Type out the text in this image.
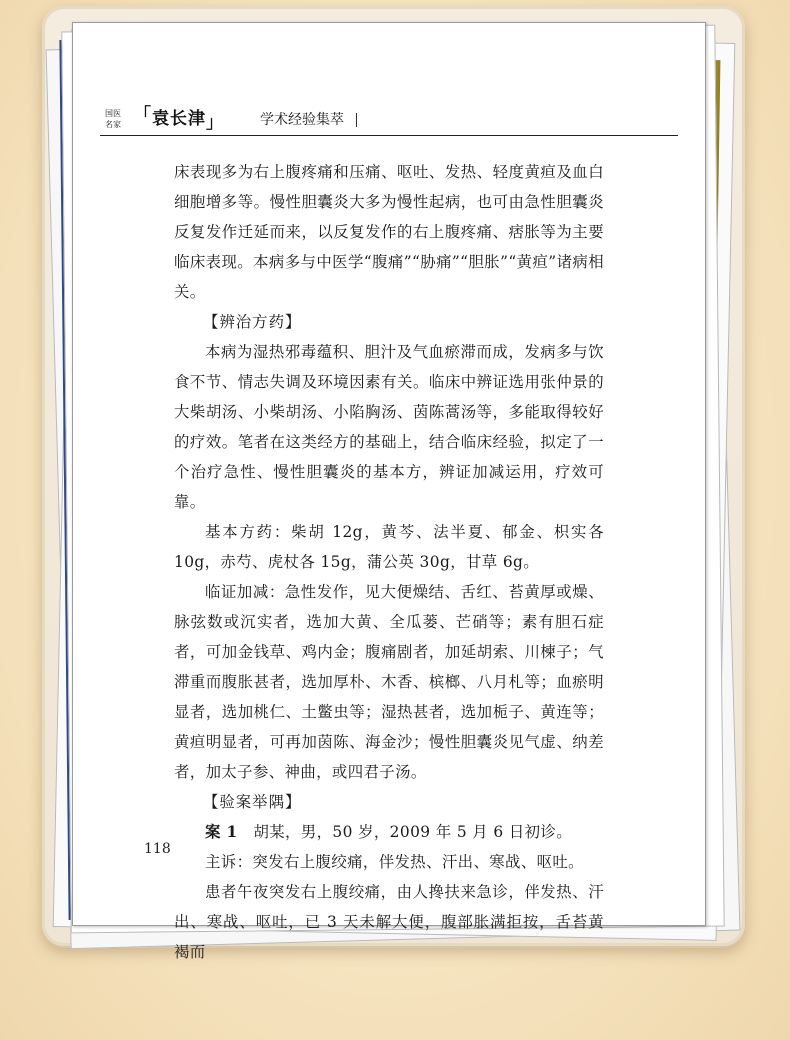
国医
名家
「	袁长津 」	学术经验集萃

床表现多为右上腹疼痛和压痛、呕吐、发热、轻度黄疸及血白细胞增多等。慢性胆囊炎大多为慢性起病，也可由急性胆囊炎反复发作迁延而来，以反复发作的右上腹疼痛、痞胀等为主要临床表现。本病多与中医学“腹痛”“胁痛”“胆胀”“黄疸”诸病相关。

【辨治方药】

本病为湿热邪毒蕴积、胆汁及气血瘀滞而成，发病多与饮食不节、情志失调及环境因素有关。临床中辨证选用张仲景的大柴胡汤、小柴胡汤、小陷胸汤、茵陈蒿汤等，多能取得较好的疗效。笔者在这类经方的基础上，结合临床经验，拟定了一个治疗急性、慢性胆囊炎的基本方，辨证加减运用，疗效可靠。

基本方药：柴胡 12g，黄芩、法半夏、郁金、枳实各 10g，赤芍、虎杖各 15g，蒲公英 30g，甘草 6g。

临证加减：急性发作，见大便燥结、舌红、苔黄厚或燥、脉弦数或沉实者，选加大黄、全瓜蒌、芒硝等；素有胆石症者，可加金钱草、鸡内金；腹痛剧者，加延胡索、川楝子；气滞重而腹胀甚者，选加厚朴、木香、槟榔、八月札等；血瘀明显者，选加桃仁、土鳖虫等；湿热甚者，选加栀子、黄连等；黄疸明显者，可再加茵陈、海金沙；慢性胆囊炎见气虚、纳差者，加太子参、神曲，或四君子汤。

【验案举隅】

案 1　 胡某，男，50 岁，2009 年 5 月 6 日初诊。

主诉：突发右上腹绞痛，伴发热、汗出、寒战、呕吐。

患者午夜突发右上腹绞痛，由人搀扶来急诊，伴发热、汗出、寒战、呕吐，已 3 天未解大便，腹部胀满拒按，舌苔黄褐而

118
